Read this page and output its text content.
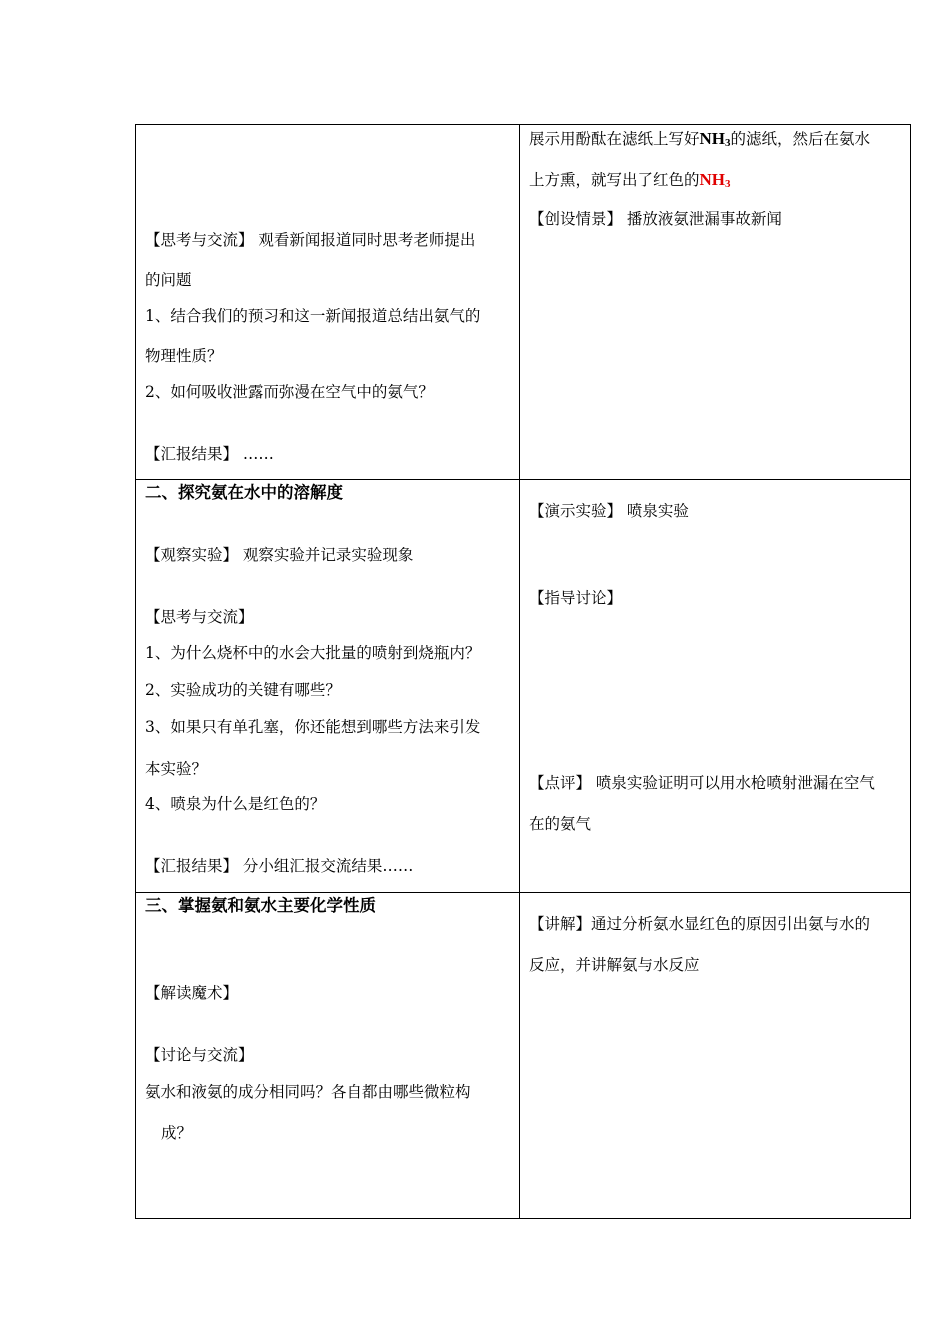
【思考与交流】 观看新闻报道同时思考老师提出
的问题
1、结合我们的预习和这一新闻报道总结出氨气的
物理性质？
2、如何吸收泄露而弥漫在空气中的氨气？
【汇报结果】 ……
展示用酚酞在滤纸上写好$NH_3$的滤纸，然后在氨水
上方熏，就写出了红色的$NH_3$
【创设情景】 播放液氨泄漏事故新闻
二、探究氨在水中的溶解度
【观察实验】 观察实验并记录实验现象
【思考与交流】
1、为什么烧杯中的水会大批量的喷射到烧瓶内？
2、实验成功的关键有哪些？
3、如果只有单孔塞，你还能想到哪些方法来引发
本实验？
4、喷泉为什么是红色的？
【汇报结果】 分小组汇报交流结果……
【演示实验】 喷泉实验
【指导讨论】
【点评】 喷泉实验证明可以用水枪喷射泄漏在空气
在的氨气
三、掌握氨和氨水主要化学性质
【解读魔术】
【讨论与交流】
氨水和液氨的成分相同吗？各自都由哪些微粒构
成？
【讲解】通过分析氨水显红色的原因引出氨与水的
反应，并讲解氨与水反应
